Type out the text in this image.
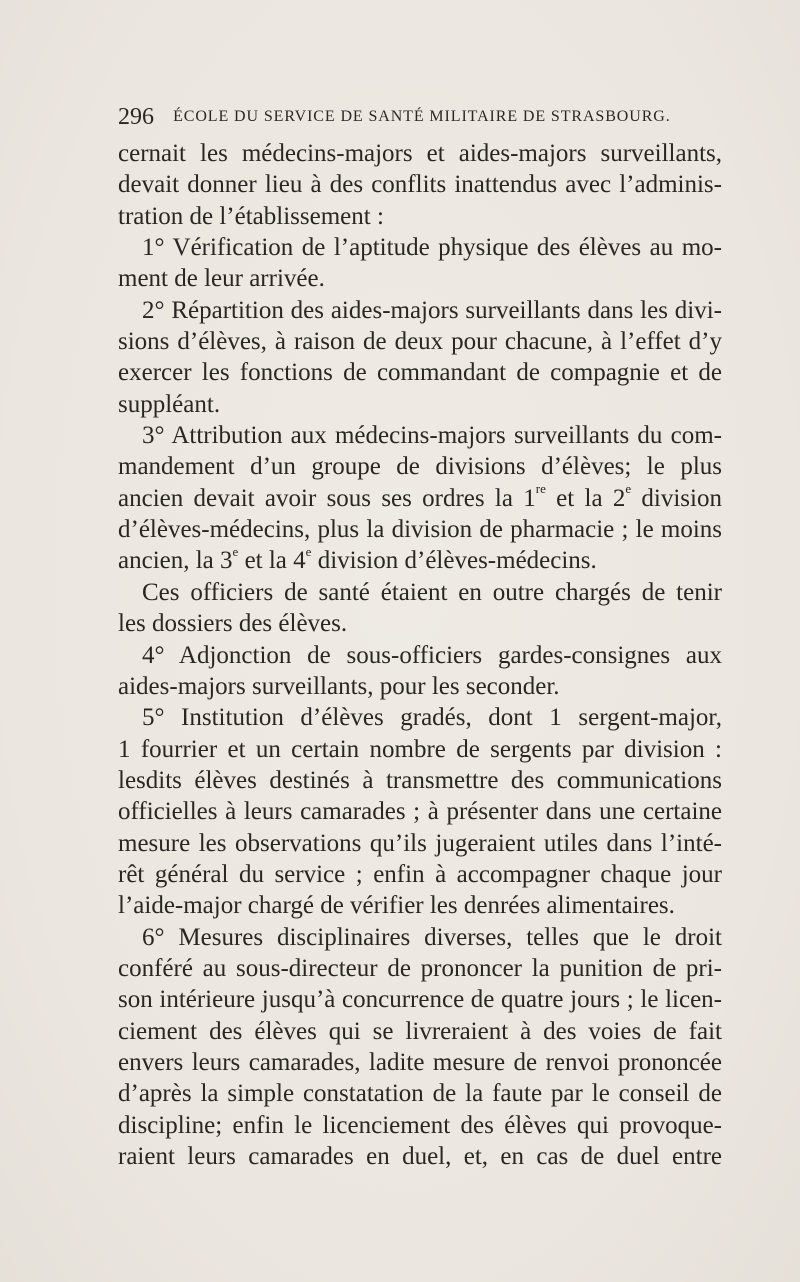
296 ÉCOLE DU SERVICE DE SANTÉ MILITAIRE DE STRASBOURG.
cernait les médecins-majors et aides-majors surveillants,
devait donner lieu à des conflits inattendus avec l’adminis-
tration de l’établissement :
1° Vérification de l’aptitude physique des élèves au mo-
ment de leur arrivée.
2° Répartition des aides-majors surveillants dans les divi-
sions d’élèves, à raison de deux pour chacune, à l’effet d’y
exercer les fonctions de commandant de compagnie et de
suppléant.
3° Attribution aux médecins-majors surveillants du com-
mandement d’un groupe de divisions d’élèves; le plus
ancien devait avoir sous ses ordres la 1re et la 2e division
d’élèves-médecins, plus la division de pharmacie ; le moins
ancien, la 3e et la 4e division d’élèves-médecins.
Ces officiers de santé étaient en outre chargés de tenir
les dossiers des élèves.
4° Adjonction de sous-officiers gardes-consignes aux
aides-majors surveillants, pour les seconder.
5° Institution d’élèves gradés, dont 1 sergent-major,
1 fourrier et un certain nombre de sergents par division :
lesdits élèves destinés à transmettre des communications
officielles à leurs camarades ; à présenter dans une certaine
mesure les observations qu’ils jugeraient utiles dans l’inté-
rêt général du service ; enfin à accompagner chaque jour
l’aide-major chargé de vérifier les denrées alimentaires.
6° Mesures disciplinaires diverses, telles que le droit
conféré au sous-directeur de prononcer la punition de pri-
son intérieure jusqu’à concurrence de quatre jours ; le licen-
ciement des élèves qui se livreraient à des voies de fait
envers leurs camarades, ladite mesure de renvoi prononcée
d’après la simple constatation de la faute par le conseil de
discipline; enfin le licenciement des élèves qui provoque-
raient leurs camarades en duel, et, en cas de duel entre
